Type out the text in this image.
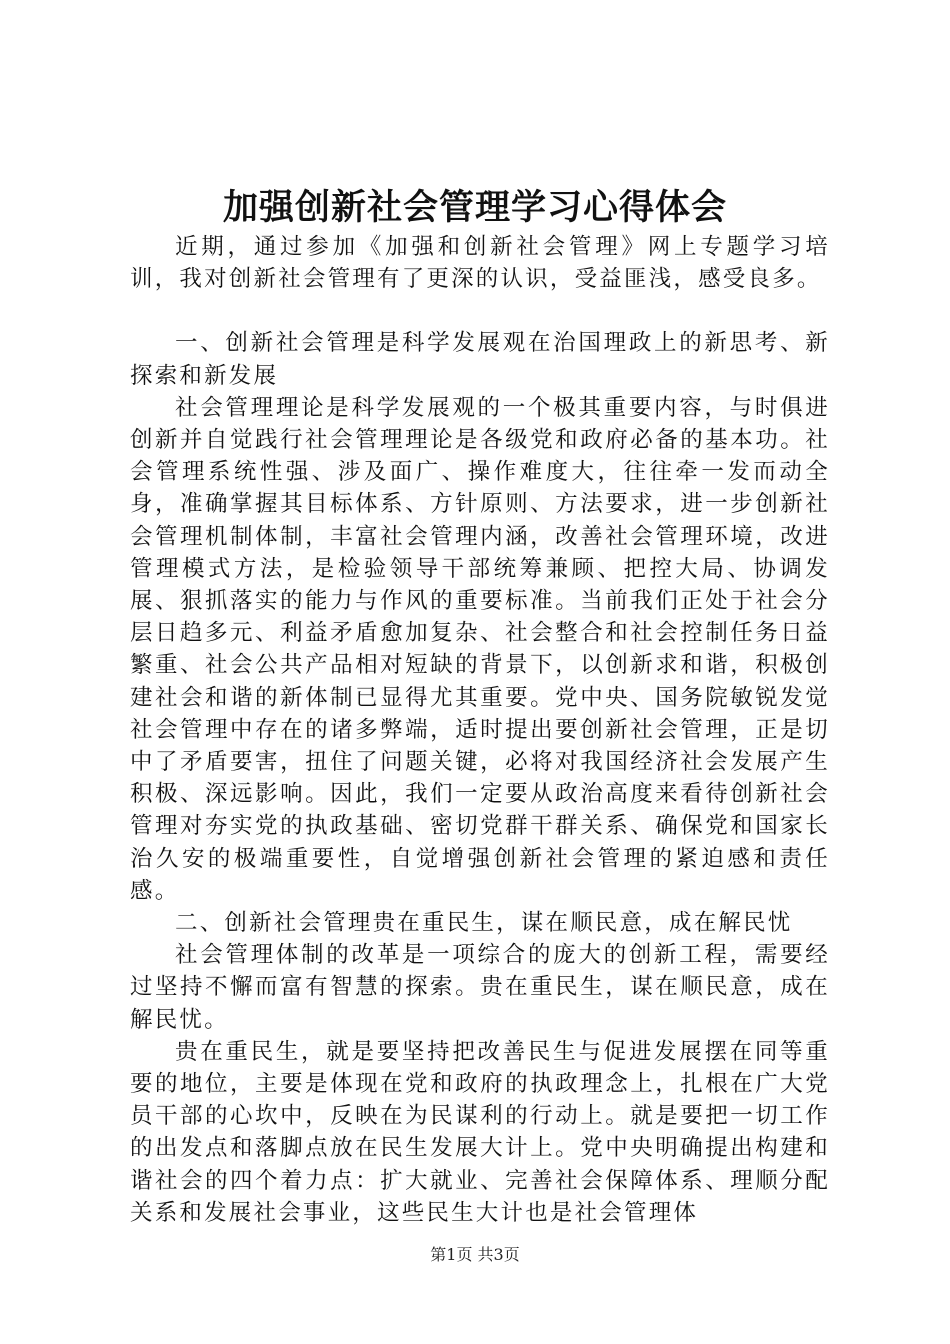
加强创新社会管理学习心得体会

近期，通过参加《加强和创新社会管理》网上专题学习培训，我对创新社会管理有了更深的认识，受益匪浅，感受良多。

一、创新社会管理是科学发展观在治国理政上的新思考、新探索和新发展

社会管理理论是科学发展观的一个极其重要内容，与时俱进创新并自觉践行社会管理理论是各级党和政府必备的基本功。社会管理系统性强、涉及面广、操作难度大，往往牵一发而动全身，准确掌握其目标体系、方针原则、方法要求，进一步创新社会管理机制体制，丰富社会管理内涵，改善社会管理环境，改进管理模式方法，是检验领导干部统筹兼顾、把控大局、协调发展、狠抓落实的能力与作风的重要标准。当前我们正处于社会分层日趋多元、利益矛盾愈加复杂、社会整合和社会控制任务日益繁重、社会公共产品相对短缺的背景下，以创新求和谐，积极创建社会和谐的新体制已显得尤其重要。党中央、国务院敏锐发觉社会管理中存在的诸多弊端，适时提出要创新社会管理，正是切中了矛盾要害，扭住了问题关键，必将对我国经济社会发展产生积极、深远影响。因此，我们一定要从政治高度来看待创新社会管理对夯实党的执政基础、密切党群干群关系、确保党和国家长治久安的极端重要性，自觉增强创新社会管理的紧迫感和责任感。

二、创新社会管理贵在重民生，谋在顺民意，成在解民忧

社会管理体制的改革是一项综合的庞大的创新工程，需要经过坚持不懈而富有智慧的探索。贵在重民生，谋在顺民意，成在解民忧。

贵在重民生，就是要坚持把改善民生与促进发展摆在同等重要的地位，主要是体现在党和政府的执政理念上，扎根在广大党员干部的心坎中，反映在为民谋利的行动上。就是要把一切工作的出发点和落脚点放在民生发展大计上。党中央明确提出构建和谐社会的四个着力点：扩大就业、完善社会保障体系、理顺分配关系和发展社会事业，这些民生大计也是社会管理体

第1页 共3页
